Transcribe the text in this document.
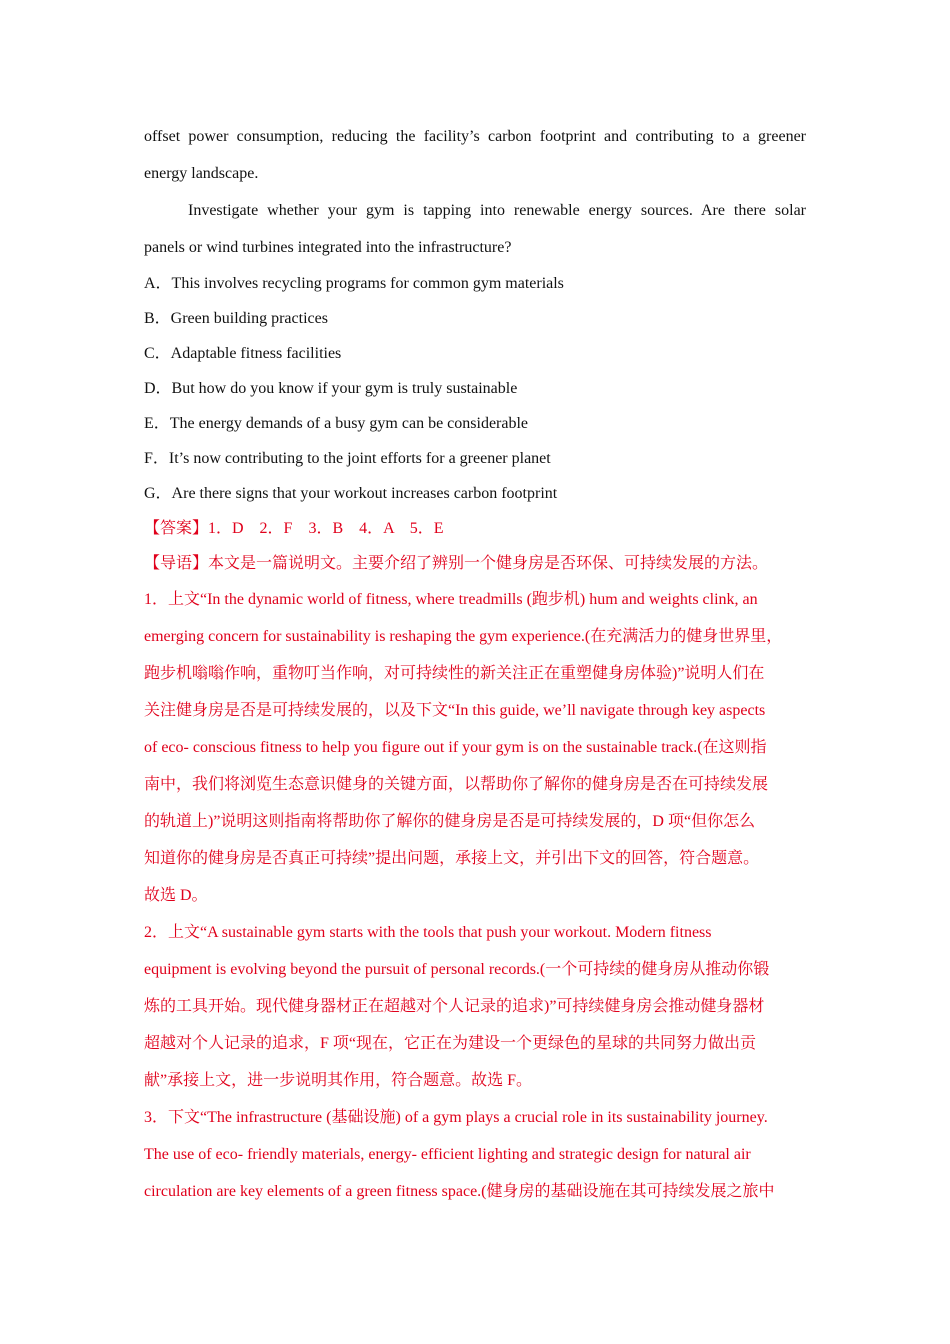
offset power consumption, reducing the facility’s carbon footprint and contributing to a greener
energy landscape.
Investigate whether your gym is tapping into renewable energy sources. Are there solar
panels or wind turbines integrated into the infrastructure?
A．This involves recycling programs for common gym materials
B．Green building practices
C．Adaptable fitness facilities
D．But how do you know if your gym is truly sustainable
E．The energy demands of a busy gym can be considerable
F．It’s now contributing to the joint efforts for a greener planet
G．Are there signs that your workout increases carbon footprint
【答案】1．D　2．F　3．B　4．A　5．E
【导语】本文是一篇说明文。主要介绍了辨别一个健身房是否环保、可持续发展的方法。
1．上文“In the dynamic world of fitness, where treadmills (跑步机) hum and weights clink, an
emerging concern for sustainability is reshaping the gym experience.(在充满活力的健身世界里，
跑步机嗡嗡作响，重物叮当作响，对可持续性的新关注正在重塑健身房体验)”说明人们在
关注健身房是否是可持续发展的，以及下文“In this guide, we’ll navigate through key aspects
of eco- conscious fitness to help you figure out if your gym is on the sustainable track.(在这则指
南中，我们将浏览生态意识健身的关键方面，以帮助你了解你的健身房是否在可持续发展
的轨道上)”说明这则指南将帮助你了解你的健身房是否是可持续发展的，D 项“但你怎么
知道你的健身房是否真正可持续”提出问题，承接上文，并引出下文的回答，符合题意。
故选 D。
2．上文“A sustainable gym starts with the tools that push your workout. Modern fitness
equipment is evolving beyond the pursuit of personal records.(一个可持续的健身房从推动你锻
炼的工具开始。现代健身器材正在超越对个人记录的追求)”可持续健身房会推动健身器材
超越对个人记录的追求，F 项“现在，它正在为建设一个更绿色的星球的共同努力做出贡
献”承接上文，进一步说明其作用，符合题意。故选 F。
3．下文“The infrastructure (基础设施) of a gym plays a crucial role in its sustainability journey.
The use of eco- friendly materials, energy- efficient lighting and strategic design for natural air
circulation are key elements of a green fitness space.(健身房的基础设施在其可持续发展之旅中
